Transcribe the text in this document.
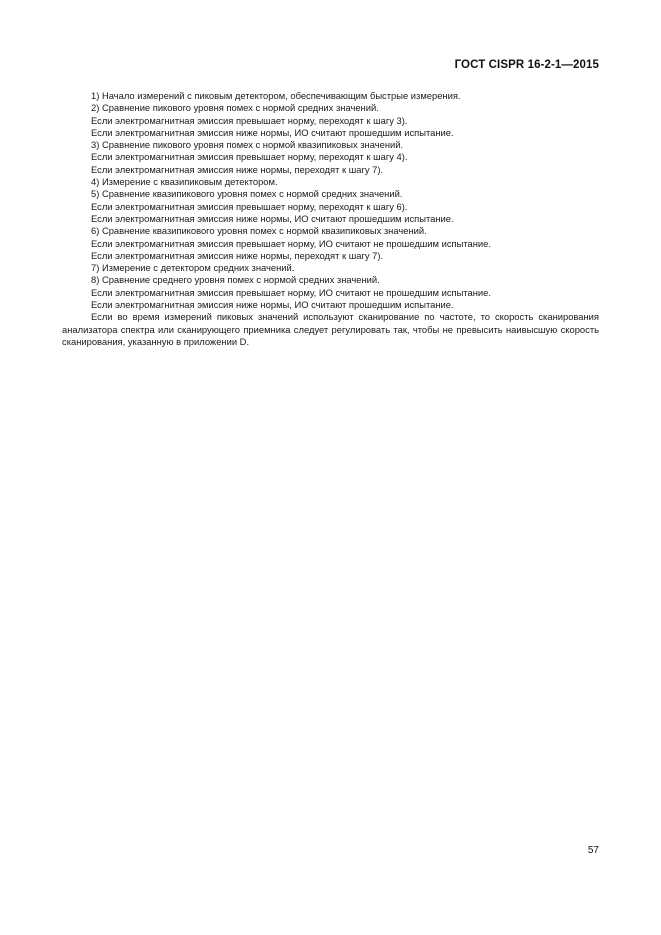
ГОСТ CISPR 16-2-1—2015

1) Начало измерений с пиковым детектором, обеспечивающим быстрые измерения.

2) Сравнение пикового уровня помех с нормой средних значений.

Если электромагнитная эмиссия превышает норму, переходят к шагу 3).

Если электромагнитная эмиссия ниже нормы, ИО считают прошедшим испытание.

3) Сравнение пикового уровня помех с нормой квазипиковых значений.

Если электромагнитная эмиссия превышает норму, переходят к шагу 4).

Если электромагнитная эмиссия ниже нормы, переходят к шагу 7).

4) Измерение с квазипиковым детектором.

5) Сравнение квазипикового уровня помех с нормой средних значений.

Если электромагнитная эмиссия превышает норму, переходят к шагу 6).

Если электромагнитная эмиссия ниже нормы, ИО считают прошедшим испытание.

6) Сравнение квазипикового уровня помех с нормой квазипиковых значений.

Если электромагнитная эмиссия превышает норму, ИО считают не прошедшим испытание.

Если электромагнитная эмиссия ниже нормы, переходят к шагу 7).

7) Измерение с детектором средних значений.

8) Сравнение среднего уровня помех с нормой средних значений.

Если электромагнитная эмиссия превышает норму, ИО считают не прошедшим испытание.

Если электромагнитная эмиссия ниже нормы, ИО считают прошедшим испытание.

Если во время измерений пиковых значений используют сканирование по частоте, то скорость сканирования анализатора спектра или сканирующего приемника следует регулировать так, чтобы не превысить наивысшую скорость сканирования, указанную в приложении D.

57
